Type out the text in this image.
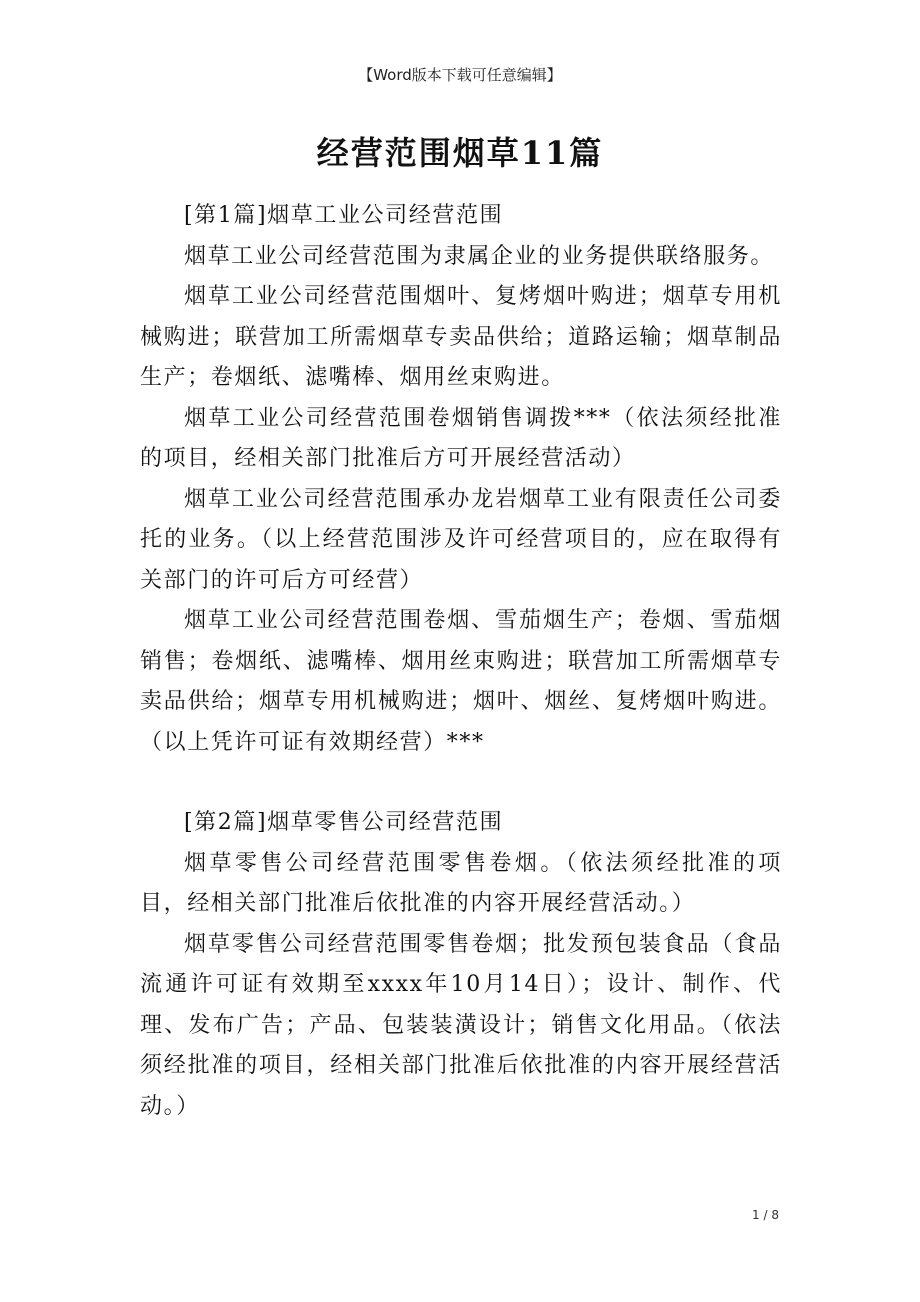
【Word版本下载可任意编辑】
经营范围烟草11篇

[第1篇]烟草工业公司经营范围

烟草工业公司经营范围为隶属企业的业务提供联络服务。

烟草工业公司经营范围烟叶、复烤烟叶购进；烟草专用机械购进；联营加工所需烟草专卖品供给；道路运输；烟草制品生产；卷烟纸、滤嘴棒、烟用丝束购进。

烟草工业公司经营范围卷烟销售调拨***（依法须经批准的项目，经相关部门批准后方可开展经营活动）

烟草工业公司经营范围承办龙岩烟草工业有限责任公司委托的业务。（以上经营范围涉及许可经营项目的，应在取得有关部门的许可后方可经营）

烟草工业公司经营范围卷烟、雪茄烟生产；卷烟、雪茄烟销售；卷烟纸、滤嘴棒、烟用丝束购进；联营加工所需烟草专卖品供给；烟草专用机械购进；烟叶、烟丝、复烤烟叶购进。（以上凭许可证有效期经营）***

[第2篇]烟草零售公司经营范围

烟草零售公司经营范围零售卷烟。（依法须经批准的项目，经相关部门批准后依批准的内容开展经营活动。）

烟草零售公司经营范围零售卷烟；批发预包装食品（食品流通许可证有效期至xxxx年10月14日）；设计、制作、代理、发布广告；产品、包装装潢设计；销售文化用品。（依法须经批准的项目，经相关部门批准后依批准的内容开展经营活动。）

1 / 8
